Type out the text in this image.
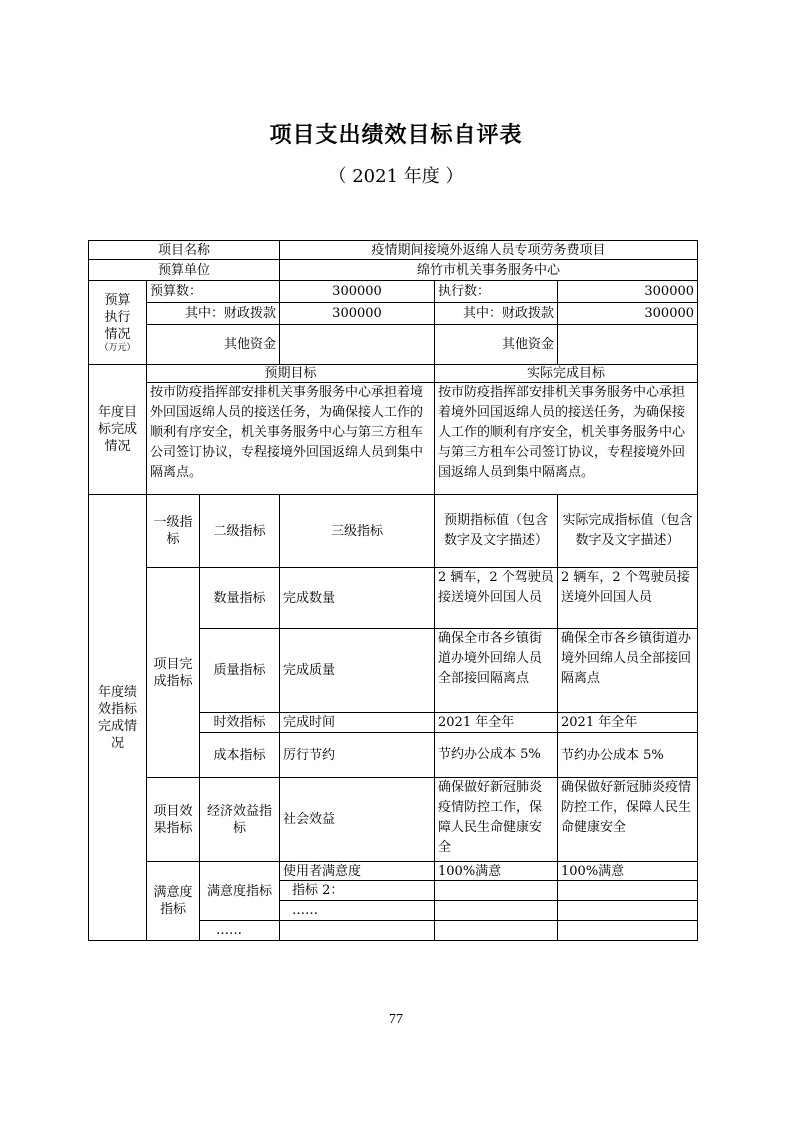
项目支出绩效目标自评表
（ 2021 年度 ）
项目名称			疫情期间接境外返绵人员专项劳务费项目		
预算单位			绵竹市机关事务服务中心		
预算
执行
情况
（万元）	预算数：		300000	执行数：	300000
	其中：财政拨款		300000	其中：财政拨款	300000
	其他资金			其他资金	
年度目标完成情况	预期目标			实际完成目标	
	按市防疫指挥部安排机关事务服务中心承担着境外回国返绵人员的接送任务，为确保接人工作的顺利有序安全，机关事务服务中心与第三方租车公司签订协议，专程接境外回国返绵人员到集中隔离点。			按市防疫指挥部安排机关事务服务中心承担着境外回国返绵人员的接送任务，为确保接人工作的顺利有序安全，机关事务服务中心与第三方租车公司签订协议，专程接境外回国返绵人员到集中隔离点。	
年度绩效指标完成情况	一级指标	二级指标	三级指标	预期指标值（包含数字及文字描述）	实际完成指标值（包含数字及文字描述）
	项目完成指标	数量指标	完成数量	2 辆车，2 个驾驶员接送境外回国人员	2 辆车，2 个驾驶员接送境外回国人员
		质量指标	完成质量	确保全市各乡镇街道办境外回绵人员全部接回隔离点	确保全市各乡镇街道办境外回绵人员全部接回隔离点
		时效指标	完成时间	2021 年全年	2021 年全年
		成本指标	厉行节约	节约办公成本 5%	节约办公成本 5%
	项目效果指标	经济效益指标	社会效益	确保做好新冠肺炎疫情防控工作，保障人民生命健康安全	确保做好新冠肺炎疫情防控工作，保障人民生命健康安全
	满意度指标	满意度指标	使用者满意度	100%满意	100%满意
			指标 2：		
			……		
		……			
77
